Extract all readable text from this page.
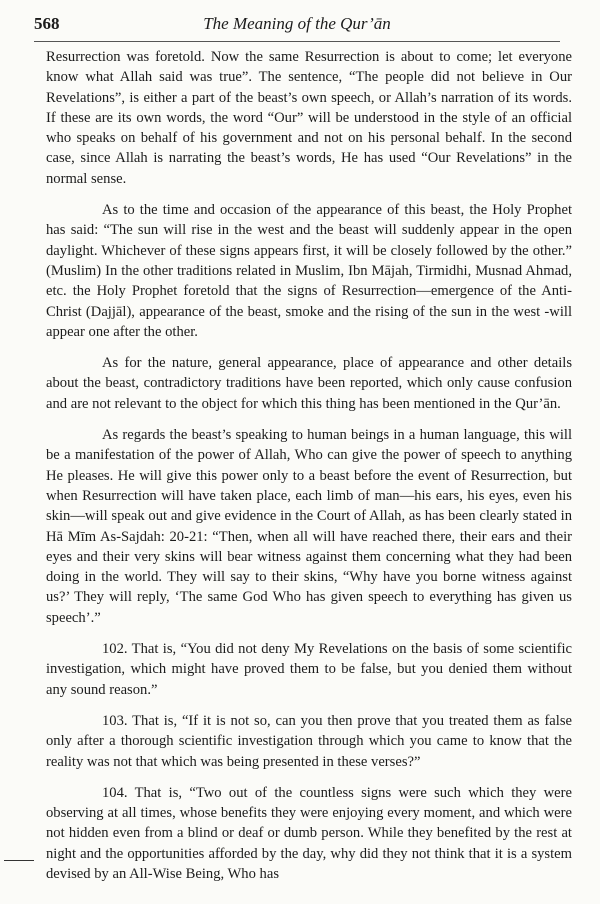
568	The Meaning of the Qur’ān

Resurrection was foretold. Now the same Resurrection is about to come; let everyone know what Allah said was true”. The sentence, “The people did not believe in Our Revelations”, is either a part of the beast’s own speech, or Allah’s narration of its words. If these are its own words, the word “Our” will be understood in the style of an official who speaks on behalf of his government and not on his personal behalf. In the second case, since Allah is narrating the beast’s words, He has used “Our Revelations” in the normal sense.

As to the time and occasion of the appearance of this beast, the Holy Prophet has said: “The sun will rise in the west and the beast will suddenly appear in the open daylight. Whichever of these signs appears first, it will be closely followed by the other.” (Muslim) In the other traditions related in Muslim, Ibn Mājah, Tirmidhi, Musnad Ahmad, etc. the Holy Prophet foretold that the signs of Resurrection—emergence of the Anti-Christ (Dajjāl), appearance of the beast, smoke and the rising of the sun in the west -will appear one after the other.

As for the nature, general appearance, place of appearance and other details about the beast, contradictory traditions have been reported, which only cause confusion and are not relevant to the object for which this thing has been mentioned in the Qur’ān.

As regards the beast’s speaking to human beings in a human language, this will be a manifestation of the power of Allah, Who can give the power of speech to anything He pleases. He will give this power only to a beast before the event of Resurrection, but when Resurrection will have taken place, each limb of man—his ears, his eyes, even his skin—will speak out and give evidence in the Court of Allah, as has been clearly stated in Hā Mīm As-Sajdah: 20-21: “Then, when all will have reached there, their ears and their eyes and their very skins will bear witness against them concerning what they had been doing in the world. They will say to their skins, “Why have you borne witness against us?’ They will reply, ‘The same God Who has given speech to everything has given us speech’.”

102. That is, “You did not deny My Revelations on the basis of some scientific investigation, which might have proved them to be false, but you denied them without any sound reason.”

103. That is, “If it is not so, can you then prove that you treated them as false only after a thorough scientific investigation through which you came to know that the reality was not that which was being presented in these verses?”

104. That is, “Two out of the countless signs were such which they were observing at all times, whose benefits they were enjoying every moment, and which were not hidden even from a blind or deaf or dumb person. While they benefited by the rest at night and the opportunities afforded by the day, why did they not think that it is a system devised by an All-Wise Being, Who has
